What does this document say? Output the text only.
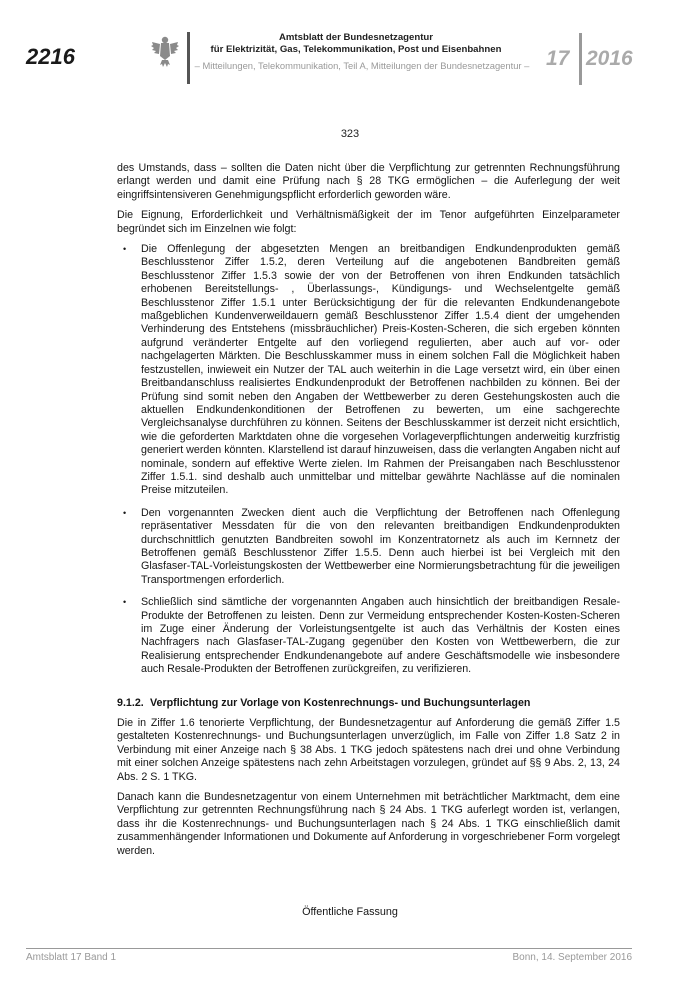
2216
Amtsblatt der Bundesnetzagentur
für Elektrizität, Gas, Telekommunikation, Post und Eisenbahnen
– Mitteilungen, Telekommunikation, Teil A, Mitteilungen der Bundesnetzagentur – 17 2016
323

des Umstands, dass – sollten die Daten nicht über die Verpflichtung zur getrennten Rechnungsführung erlangt werden und damit eine Prüfung nach § 28 TKG ermöglichen – die Auferlegung der weit eingriffsintensiveren Genehmigungspflicht erforderlich geworden wäre.

Die Eignung, Erforderlichkeit und Verhältnismäßigkeit der im Tenor aufgeführten Einzelparameter begründet sich im Einzelnen wie folgt:

• Die Offenlegung der abgesetzten Mengen an breitbandigen Endkundenprodukten gemäß Beschlusstenor Ziffer 1.5.2, deren Verteilung auf die angebotenen Bandbreiten gemäß Beschlusstenor Ziffer 1.5.3 sowie der von der Betroffenen von ihren Endkunden tatsächlich erhobenen Bereitstellungs- , Überlassungs-, Kündigungs- und Wechselentgelte gemäß Beschlusstenor Ziffer 1.5.1 unter Berücksichtigung der für die relevanten Endkundenangebote maßgeblichen Kundenverweildauern gemäß Beschlusstenor Ziffer 1.5.4 dient der umgehenden Verhinderung des Entstehens (missbräuchlicher) Preis-Kosten-Scheren, die sich ergeben könnten aufgrund veränderter Entgelte auf den vorliegend regulierten, aber auch auf vor- oder nachgelagerten Märkten. Die Beschlusskammer muss in einem solchen Fall die Möglichkeit haben festzustellen, inwieweit ein Nutzer der TAL auch weiterhin in die Lage versetzt wird, ein über einen Breitbandanschluss realisiertes Endkundenprodukt der Betroffenen nachbilden zu können. Bei der Prüfung sind somit neben den Angaben der Wettbewerber zu deren Gestehungskosten auch die aktuellen Endkundenkonditionen der Betroffenen zu bewerten, um eine sachgerechte Vergleichsanalyse durchführen zu können. Seitens der Beschlusskammer ist derzeit nicht ersichtlich, wie die geforderten Marktdaten ohne die vorgesehen Vorlageverpflichtungen anderweitig kurzfristig generiert werden könnten. Klarstellend ist darauf hinzuweisen, dass die verlangten Angaben nicht auf nominale, sondern auf effektive Werte zielen. Im Rahmen der Preisangaben nach Beschlusstenor Ziffer 1.5.1. sind deshalb auch unmittelbar und mittelbar gewährte Nachlässe auf die nominalen Preise mitzuteilen.
• Den vorgenannten Zwecken dient auch die Verpflichtung der Betroffenen nach Offenlegung repräsentativer Messdaten für die von den relevanten breitbandigen Endkundenprodukten durchschnittlich genutzten Bandbreiten sowohl im Konzentratornetz als auch im Kernnetz der Betroffenen gemäß Beschlusstenor Ziffer 1.5.5. Denn auch hierbei ist bei Vergleich mit den Glasfaser-TAL-Vorleistungskosten der Wettbewerber eine Normierungsbetrachtung für die jeweiligen Transportmengen erforderlich.
• Schließlich sind sämtliche der vorgenannten Angaben auch hinsichtlich der breitbandigen Resale-Produkte der Betroffenen zu leisten. Denn zur Vermeidung entsprechender Kosten-Kosten-Scheren im Zuge einer Änderung der Vorleistungsentgelte ist auch das Verhältnis der Kosten eines Nachfragers nach Glasfaser-TAL-Zugang gegenüber den Kosten von Wettbewerbern, die zur Realisierung entsprechender Endkundenangebote auf andere Geschäftsmodelle wie insbesondere auch Resale-Produkten der Betroffenen zurückgreifen, zu verifizieren.
9.1.2. Verpflichtung zur Vorlage von Kostenrechnungs- und Buchungsunterlagen

Die in Ziffer 1.6 tenorierte Verpflichtung, der Bundesnetzagentur auf Anforderung die gemäß Ziffer 1.5 gestalteten Kostenrechnungs- und Buchungsunterlagen unverzüglich, im Falle von Ziffer 1.8 Satz 2 in Verbindung mit einer Anzeige nach § 38 Abs. 1 TKG jedoch spätestens nach drei und ohne Verbindung mit einer solchen Anzeige spätestens nach zehn Arbeitstagen vorzulegen, gründet auf §§ 9 Abs. 2, 13, 24 Abs. 2 S. 1 TKG.

Danach kann die Bundesnetzagentur von einem Unternehmen mit beträchtlicher Marktmacht, dem eine Verpflichtung zur getrennten Rechnungsführung nach § 24 Abs. 1 TKG auferlegt worden ist, verlangen, dass ihr die Kostenrechnungs- und Buchungsunterlagen nach § 24 Abs. 1 TKG einschließlich damit zusammenhängender Informationen und Dokumente auf Anforderung in vorgeschriebener Form vorgelegt werden.

Öffentliche Fassung
Amtsblatt 17 Band 1	Bonn, 14. September 2016
